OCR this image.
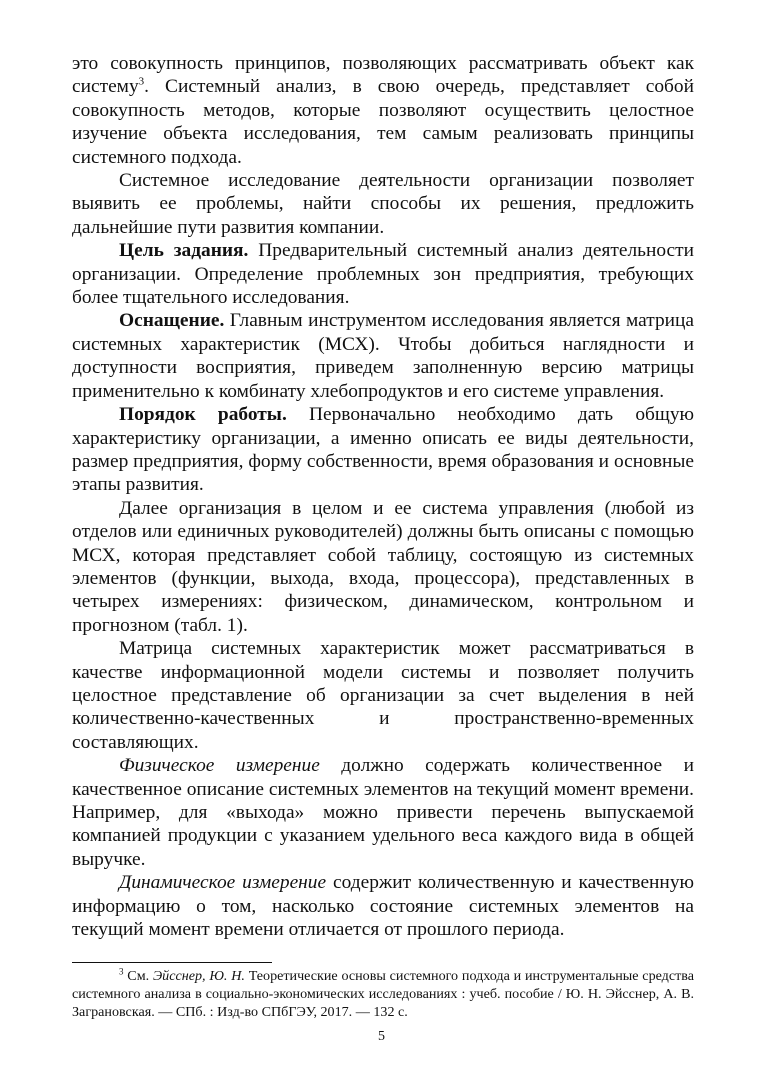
это совокупность принципов, позволяющих рассматривать объект как систему$^3$. Системный анализ, в свою очередь, представляет собой совокупность методов, которые позволяют осуществить целостное изучение объекта исследования, тем самым реализовать принципы системного подхода.

Системное исследование деятельности организации позволяет выявить ее проблемы, найти способы их решения, предложить дальнейшие пути развития компании.

Цель задания. Предварительный системный анализ деятельности организации. Определение проблемных зон предприятия, требующих более тщательного исследования.

Оснащение. Главным инструментом исследования является матрица системных характеристик (МСХ). Чтобы добиться наглядности и доступности восприятия, приведем заполненную версию матрицы применительно к комбинату хлебопродуктов и его системе управления.

Порядок работы. Первоначально необходимо дать общую характеристику организации, а именно описать ее виды деятельности, размер предприятия, форму собственности, время образования и основные этапы развития.

Далее организация в целом и ее система управления (любой из отделов или единичных руководителей) должны быть описаны с помощью МСХ, которая представляет собой таблицу, состоящую из системных элементов (функции, выхода, входа, процессора), представленных в четырех измерениях: физическом, динамическом, контрольном и прогнозном (табл. 1).

Матрица системных характеристик может рассматриваться в качестве информационной модели системы и позволяет получить целостное представление об организации за счет выделения в ней количественно-качественных и пространственно-временных составляющих.

Физическое измерение должно содержать количественное и качественное описание системных элементов на текущий момент времени. Например, для «выхода» можно привести перечень выпускаемой компанией продукции с указанием удельного веса каждого вида в общей выручке.

Динамическое измерение содержит количественную и качественную информацию о том, насколько состояние системных элементов на текущий момент времени отличается от прошлого периода.

$^3$ См. Эйсснер, Ю. Н. Теоретические основы системного подхода и инструментальные средства системного анализа в социально-экономических исследованиях : учеб. пособие / Ю. Н. Эйсснер, А. В. Заграновская. — СПб. : Изд-во СПбГЭУ, 2017. — 132 с.
5
